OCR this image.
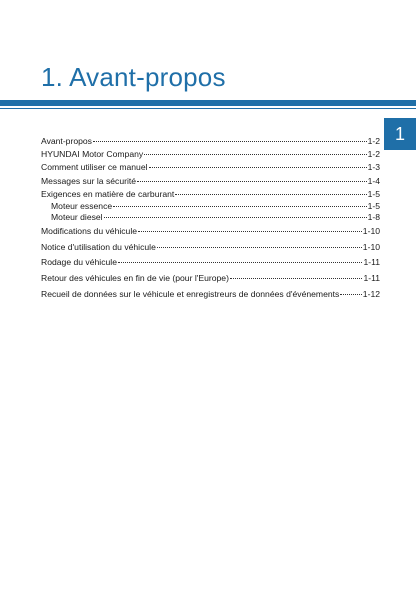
1. Avant-propos
1
Avant-propos	1-2
HYUNDAI Motor Company	1-2
Comment utiliser ce manuel	1-3
Messages sur la sécurité	1-4
Exigences en matière de carburant	1-5
Moteur essence	1-5
Moteur diesel	1-8
Modifications du véhicule	1-10
Notice d'utilisation du véhicule	1-10
Rodage du véhicule	1-11
Retour des véhicules en fin de vie (pour l'Europe)	1-11
Recueil de données sur le véhicule et enregistreurs de données d'événements	1-12
